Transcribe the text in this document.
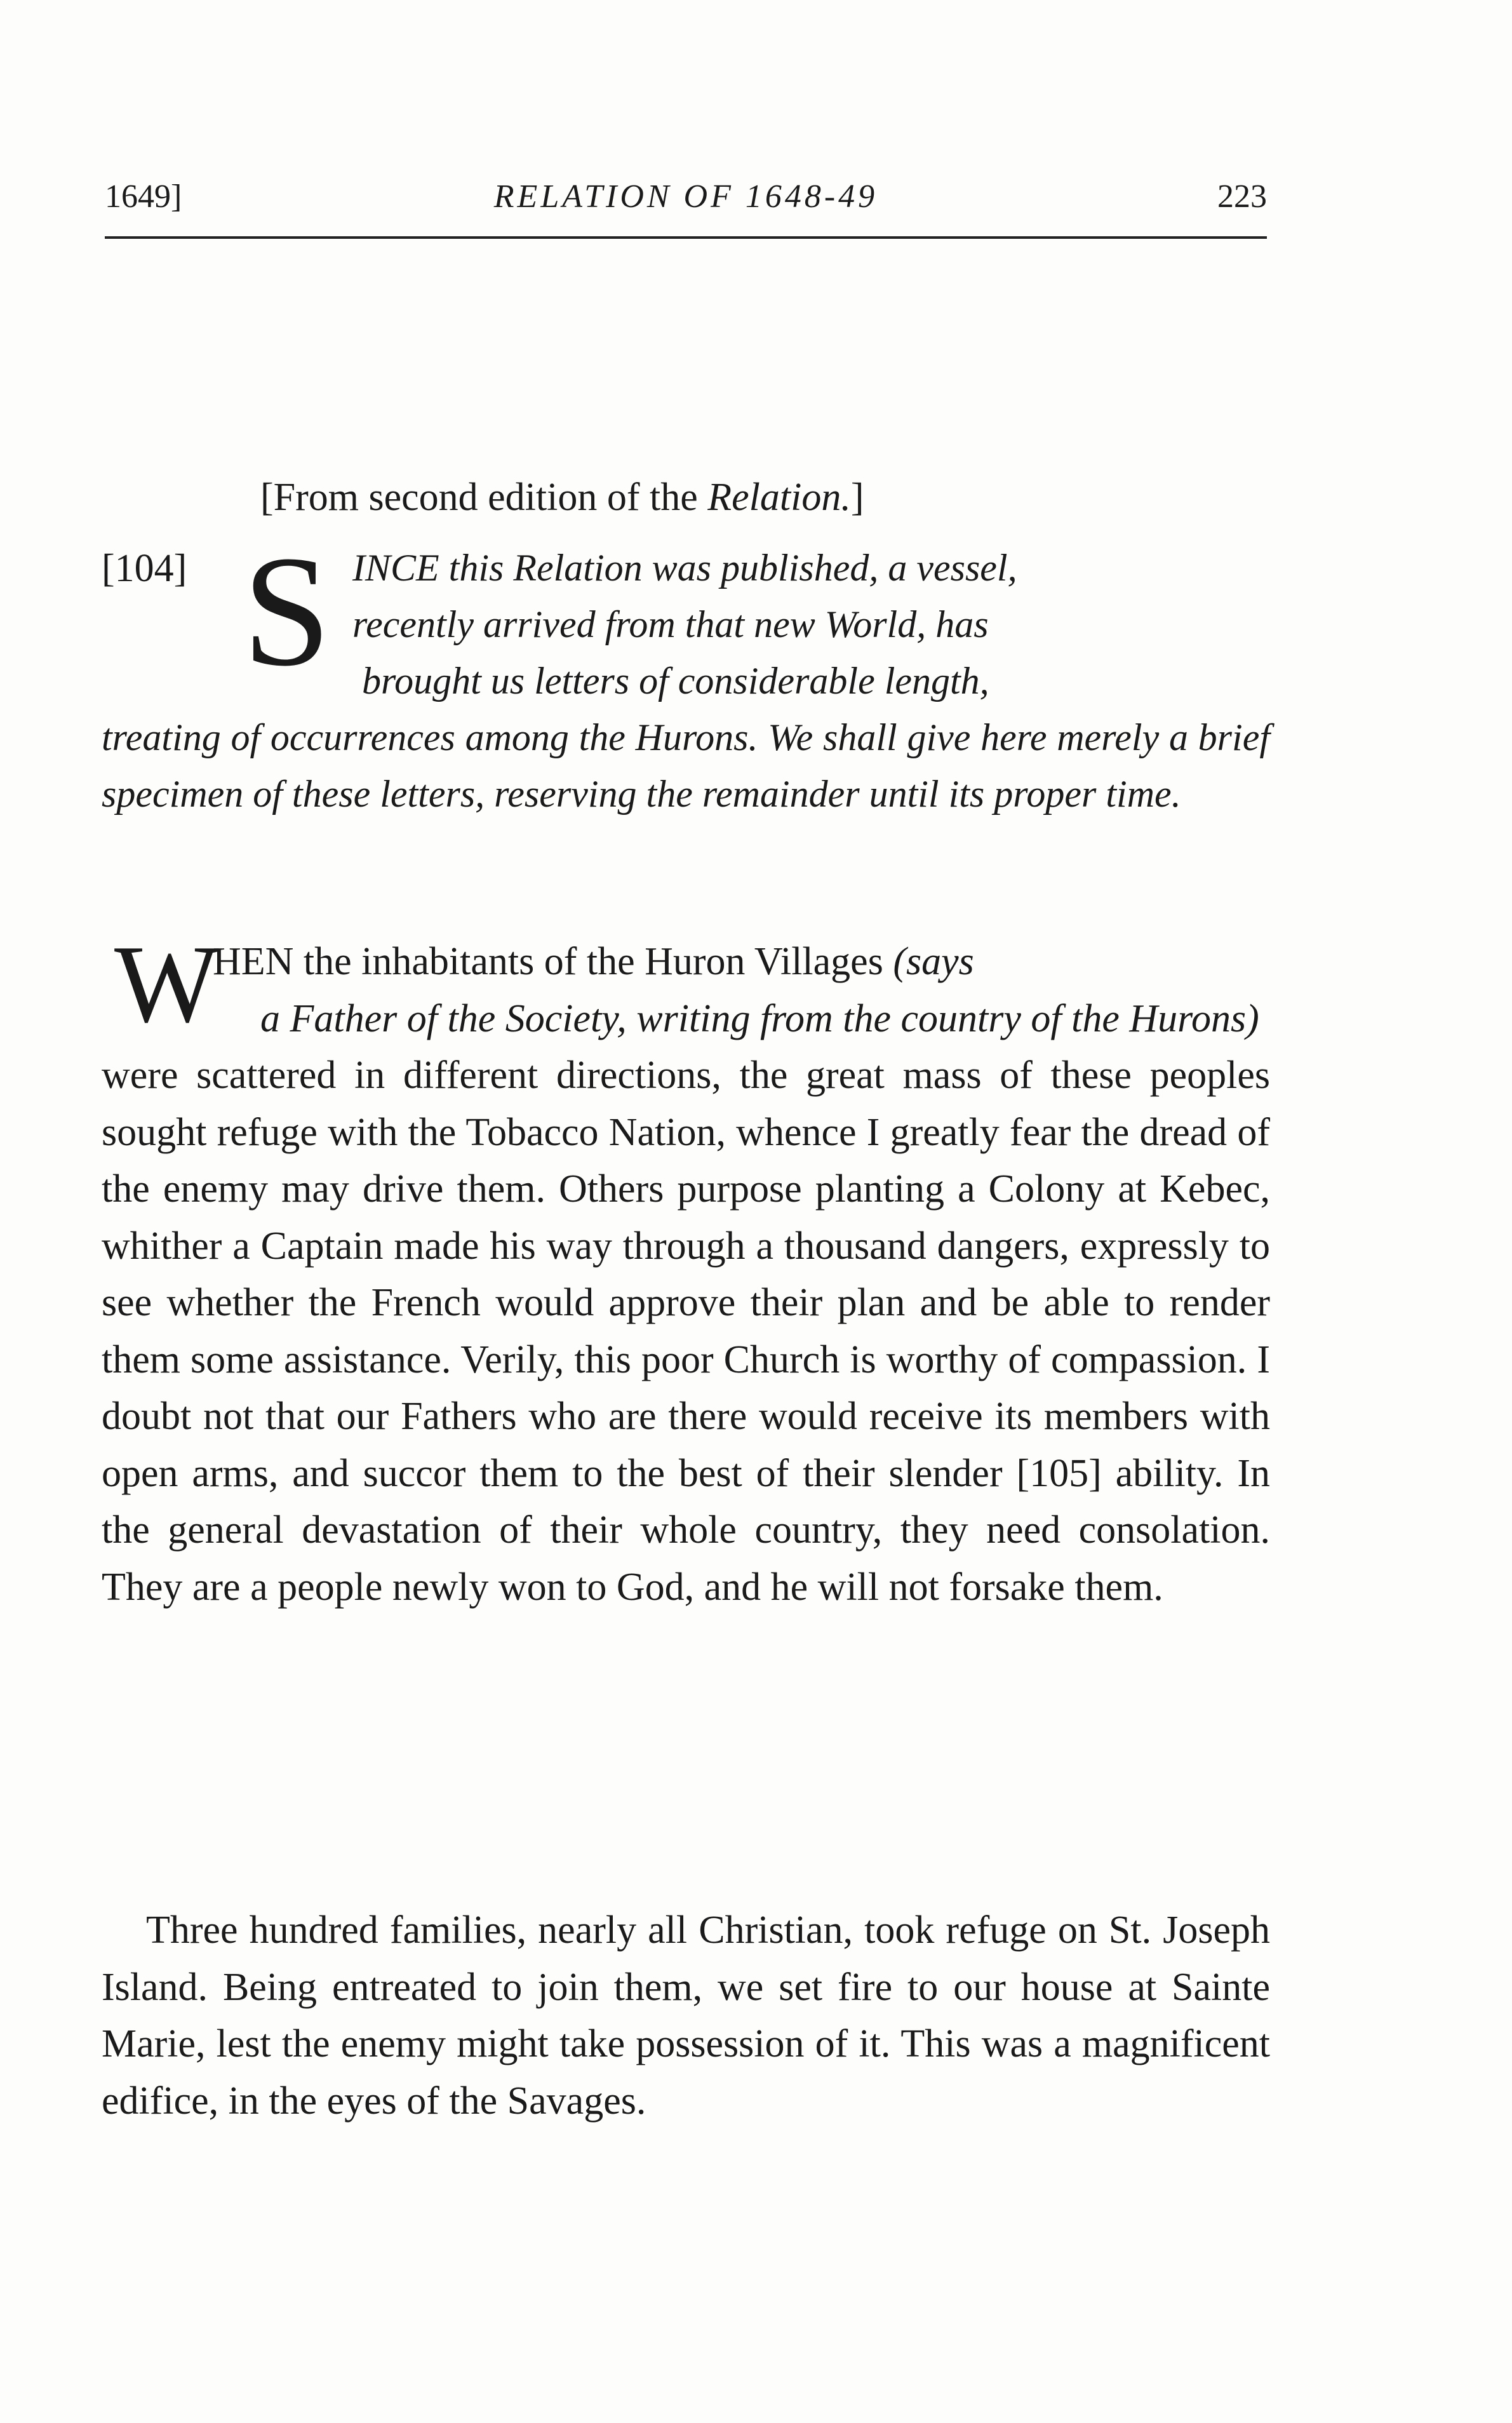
1649]	RELATION OF 1648-49	223
[From second edition of the Relation.]
[104] S INCE this Relation was published, a vessel,
recently arrived from that new World, has
brought us letters of considerable length,
treating of occurrences among the Hurons. We shall give here merely a brief specimen of these letters, reserving the remainder until its proper time.
W
HEN the inhabitants of the Huron Villages (says
a Father of the Society, writing from the country of the Hurons)
were scattered in different directions, the great mass of these peoples sought refuge with the Tobacco Nation, whence I greatly fear the dread of the enemy may drive them. Others purpose planting a Colony at Kebec, whither a Captain made his way through a thousand dangers, expressly to see whether the French would approve their plan and be able to render them some assistance. Verily, this poor Church is worthy of compassion. I doubt not that our Fathers who are there would receive its members with open arms, and succor them to the best of their slender [105] ability. In the general devastation of their whole country, they need consolation. They are a people newly won to God, and he will not forsake them.
Three hundred families, nearly all Christian, took refuge on St. Joseph Island. Being entreated to join them, we set fire to our house at Sainte Marie, lest the enemy might take possession of it. This was a magnificent edifice, in the eyes of the Savages.
